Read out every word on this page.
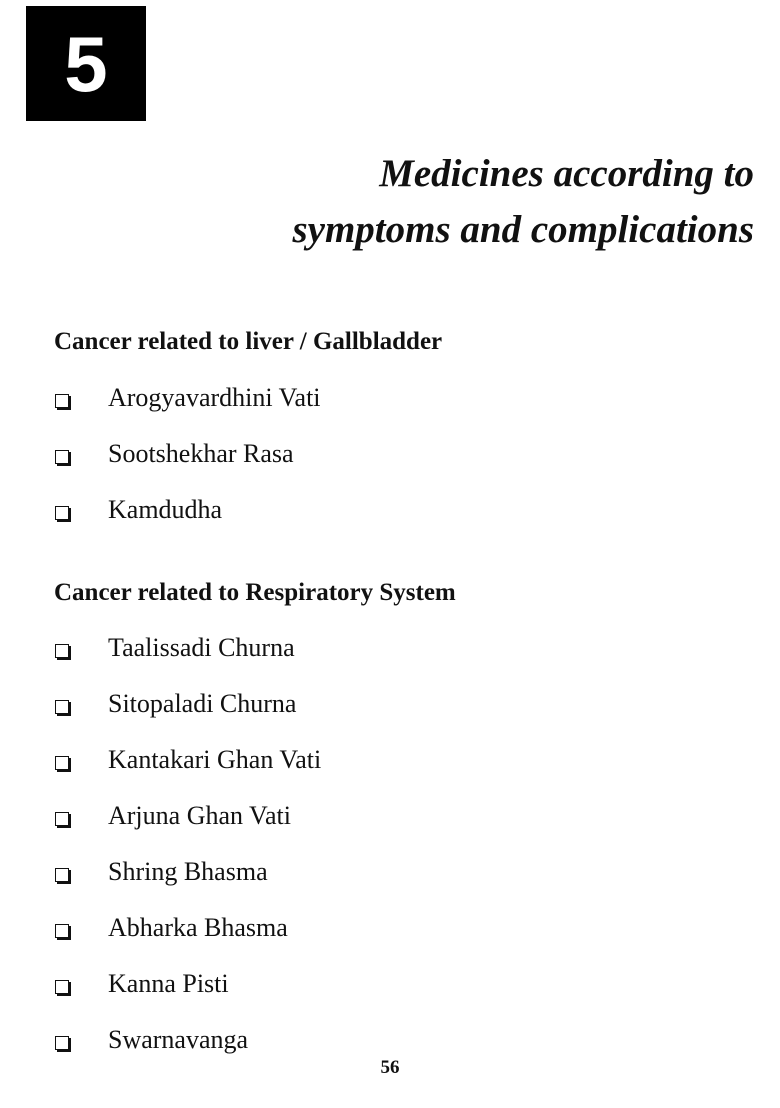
5
Medicines according to
symptoms and complications
Cancer related to liver / Gallbladder
Arogyavardhini Vati
Sootshekhar Rasa
Kamdudha
Cancer related to Respiratory System
Taalissadi Churna
Sitopaladi Churna
Kantakari Ghan Vati
Arjuna Ghan Vati
Shring Bhasma
Abharka Bhasma
Kanna Pisti
Swarnavanga
56
